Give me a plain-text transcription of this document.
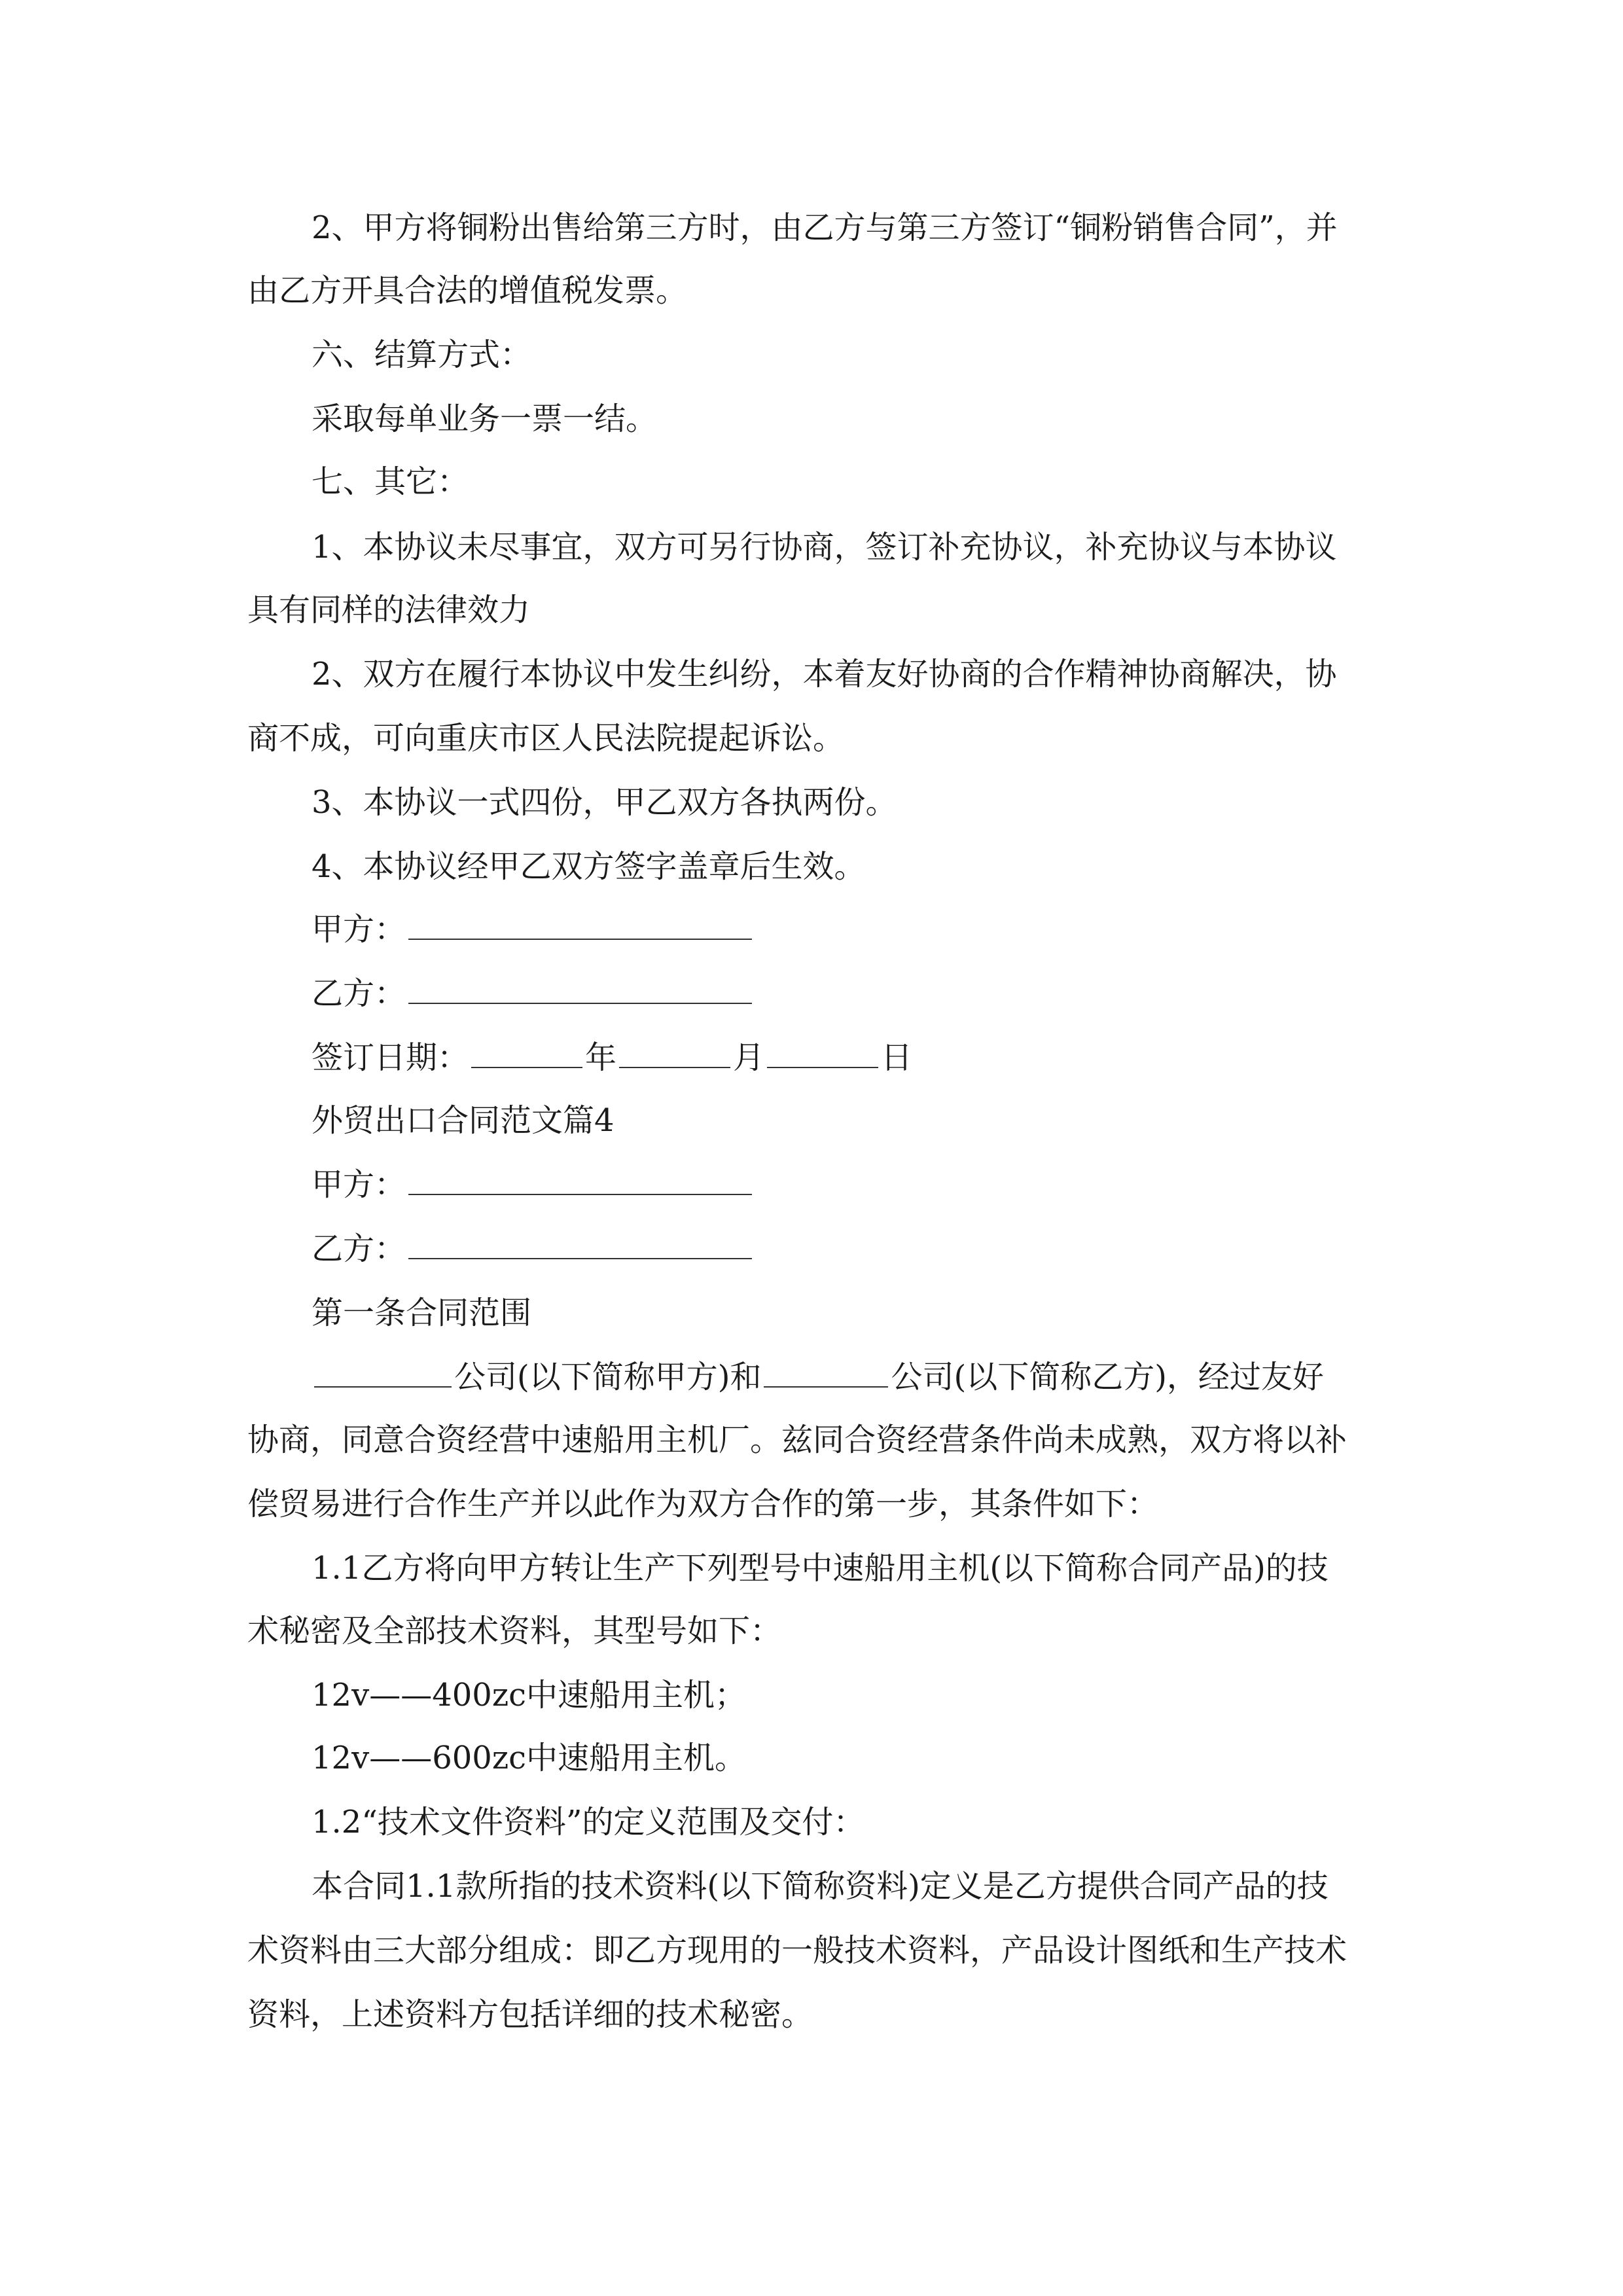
2、甲方将铜粉出售给第三方时，由乙方与第三方签订“铜粉销售合同”，并
由乙方开具合法的增值税发票。
六、结算方式：
采取每单业务一票一结。
七、其它：
1、本协议未尽事宜，双方可另行协商，签订补充协议，补充协议与本协议
具有同样的法律效力
2、双方在履行本协议中发生纠纷，本着友好协商的合作精神协商解决，协
商不成，可向重庆市区人民法院提起诉讼。
3、本协议一式四份，甲乙双方各执两份。
4、本协议经甲乙双方签字盖章后生效。
甲方：
乙方：
签订日期：	年	月	日
外贸出口合同范文篇4
甲方：
乙方：
第一条合同范围
公司(以下简称甲方)和	公司(以下简称乙方)，经过友好
协商，同意合资经营中速船用主机厂。兹同合资经营条件尚未成熟，双方将以补
偿贸易进行合作生产并以此作为双方合作的第一步，其条件如下：
1.1乙方将向甲方转让生产下列型号中速船用主机(以下简称合同产品)的技
术秘密及全部技术资料，其型号如下：
12v——400zc中速船用主机；
12v——600zc中速船用主机。
1.2“技术文件资料”的定义范围及交付：
本合同1.1款所指的技术资料(以下简称资料)定义是乙方提供合同产品的技
术资料由三大部分组成：即乙方现用的一般技术资料，产品设计图纸和生产技术
资料，上述资料方包括详细的技术秘密。
